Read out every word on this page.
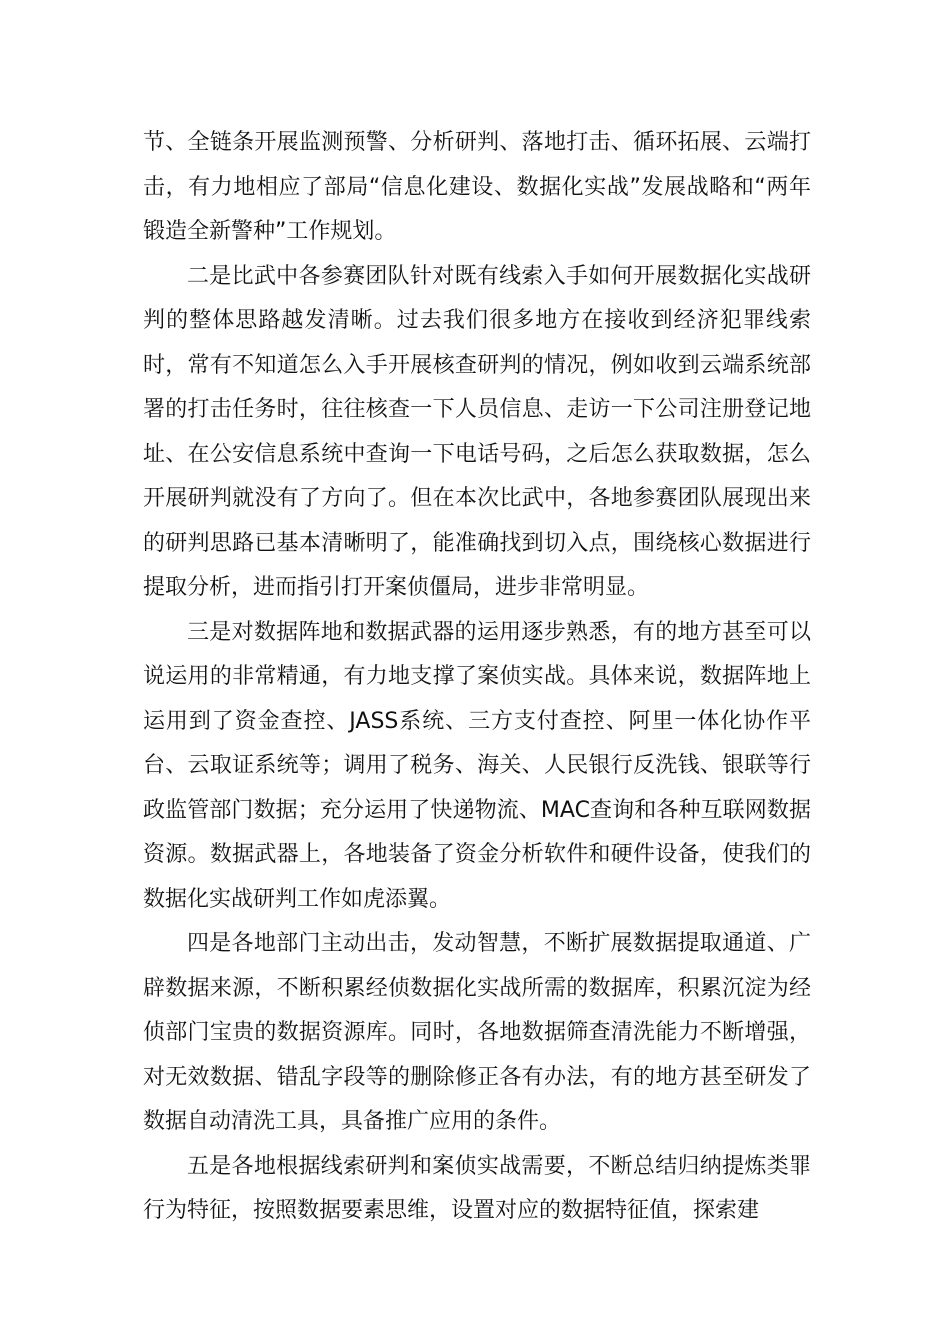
节、全链条开展监测预警、分析研判、落地打击、循环拓展、云端打击，有力地相应了部局“信息化建设、数据化实战”发展战略和“两年锻造全新警种”工作规划。

二是比武中各参赛团队针对既有线索入手如何开展数据化实战研判的整体思路越发清晰。过去我们很多地方在接收到经济犯罪线索时，常有不知道怎么入手开展核查研判的情况，例如收到云端系统部署的打击任务时，往往核查一下人员信息、走访一下公司注册登记地址、在公安信息系统中查询一下电话号码，之后怎么获取数据，怎么开展研判就没有了方向了。但在本次比武中，各地参赛团队展现出来的研判思路已基本清晰明了，能准确找到切入点，围绕核心数据进行提取分析，进而指引打开案侦僵局，进步非常明显。

三是对数据阵地和数据武器的运用逐步熟悉，有的地方甚至可以说运用的非常精通，有力地支撑了案侦实战。具体来说，数据阵地上运用到了资金查控、JASS系统、三方支付查控、阿里一体化协作平台、云取证系统等；调用了税务、海关、人民银行反洗钱、银联等行政监管部门数据；充分运用了快递物流、MAC查询和各种互联网数据资源。数据武器上，各地装备了资金分析软件和硬件设备，使我们的数据化实战研判工作如虎添翼。

四是各地部门主动出击，发动智慧，不断扩展数据提取通道、广辟数据来源，不断积累经侦数据化实战所需的数据库，积累沉淀为经侦部门宝贵的数据资源库。同时，各地数据筛查清洗能力不断增强，对无效数据、错乱字段等的删除修正各有办法，有的地方甚至研发了数据自动清洗工具，具备推广应用的条件。

五是各地根据线索研判和案侦实战需要，不断总结归纳提炼类罪行为特征，按照数据要素思维，设置对应的数据特征值，探索建
